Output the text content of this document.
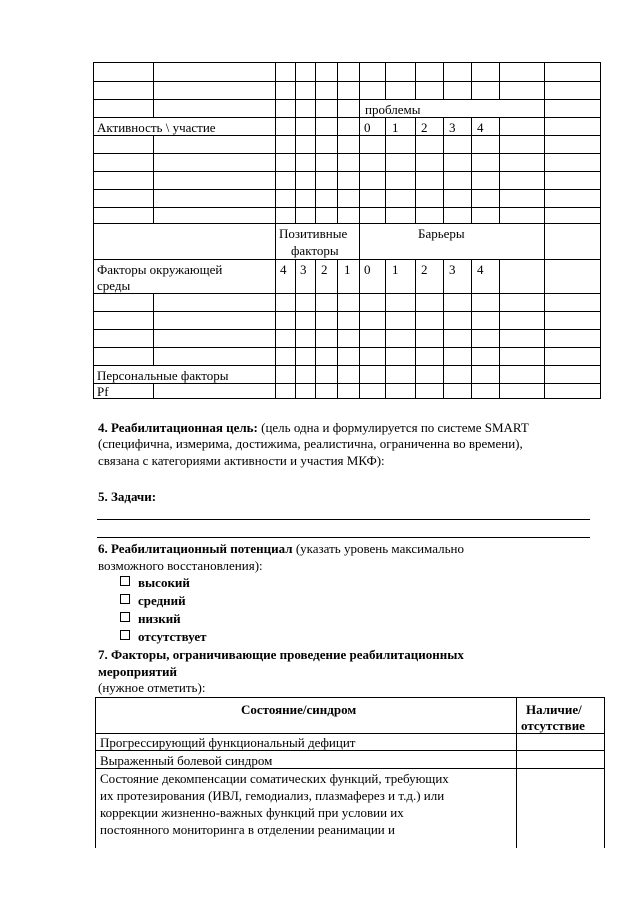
проблемы
Активность \ участие	0 1 2 3 4
Позитивные
факторы
Барьеры
Факторы окружающей
среды
4 3 2 1 0 1 2 3 4
Персональные факторы
Pf
4. Реабилитационная цель: (цель одна и формулируется по системе SMART
(специфична, измерима, достижима, реалистична, ограниченна во времени),
связана с категориями активности и участия МКФ):
5. Задачи:
6. Реабилитационный потенциал (указать уровень максимально
возможного восстановления):
высокий
средний
низкий
отсутствует
7. Факторы, ограничивающие проведение реабилитационных
мероприятий
(нужное отметить):
Состояние/синдром	Наличие/
отсутствие
Прогрессирующий функциональный дефицит
Выраженный болевой синдром
Состояние декомпенсации соматических функций, требующих
их протезирования (ИВЛ, гемодиализ, плазмаферез и т.д.) или
коррекции жизненно-важных функций при условии их
постоянного мониторинга в отделении реанимации и
